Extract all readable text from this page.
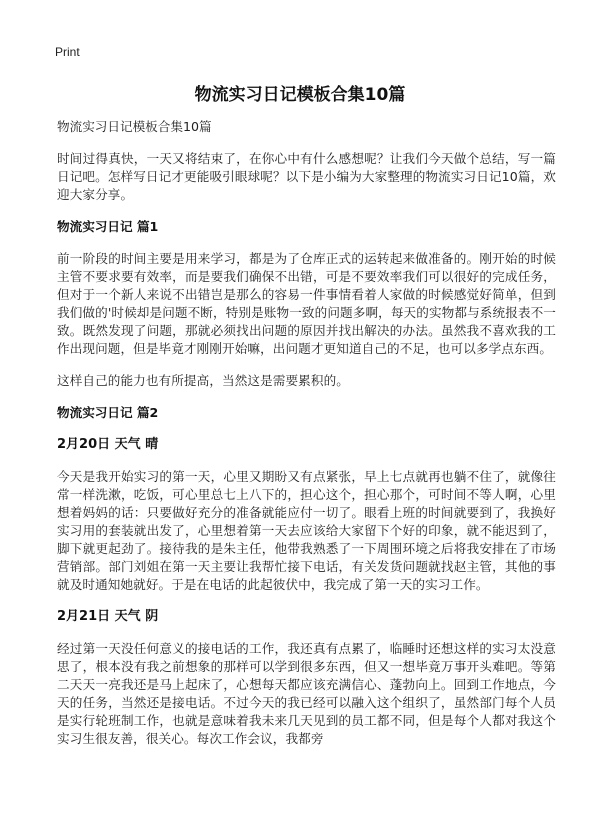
Print
物流实习日记模板合集10篇
物流实习日记模板合集10篇

时间过得真快，一天又将结束了，在你心中有什么感想呢？让我们今天做个总结，写一篇日记吧。怎样写日记才更能吸引眼球呢？以下是小编为大家整理的物流实习日记10篇，欢迎大家分享。

物流实习日记 篇1

前一阶段的时间主要是用来学习，都是为了仓库正式的运转起来做准备的。刚开始的时候主管不要求要有效率，而是要我们确保不出错，可是不要效率我们可以很好的完成任务，但对于一个新人来说不出错岂是那么的容易一件事情看着人家做的时候感觉好简单，但到我们做的'时候却是问题不断，特别是账物一致的问题多啊，每天的实物都与系统报表不一致。既然发现了问题，那就必须找出问题的原因并找出解决的办法。虽然我不喜欢我的工作出现问题，但是毕竟才刚刚开始嘛，出问题才更知道自己的不足，也可以多学点东西。

这样自己的能力也有所提高，当然这是需要累积的。

物流实习日记 篇2
2月20日 天气 晴

今天是我开始实习的第一天，心里又期盼又有点紧张，早上七点就再也躺不住了，就像往常一样洗漱，吃饭，可心里总七上八下的，担心这个，担心那个，可时间不等人啊，心里想着妈妈的话：只要做好充分的准备就能应付一切了。眼看上班的时间就要到了，我换好实习用的套装就出发了，心里想着第一天去应该给大家留下个好的印象，就不能迟到了，脚下就更起劲了。接待我的是朱主任，他带我熟悉了一下周围环境之后将我安排在了市场营销部。部门刘姐在第一天主要让我帮忙接下电话，有关发货问题就找赵主管，其他的事就及时通知她就好。于是在电话的此起彼伏中，我完成了第一天的实习工作。

2月21日 天气 阴

经过第一天没任何意义的接电话的工作，我还真有点累了，临睡时还想这样的实习太没意思了，根本没有我之前想象的那样可以学到很多东西，但又一想毕竟万事开头难吧。等第二天天一亮我还是马上起床了，心想每天都应该充满信心、蓬勃向上。回到工作地点，今天的任务，当然还是接电话。不过今天的我已经可以融入这个组织了，虽然部门每个人员是实行轮班制工作，也就是意味着我未来几天见到的员工都不同，但是每个人都对我这个实习生很友善，很关心。每次工作会议，我都旁
